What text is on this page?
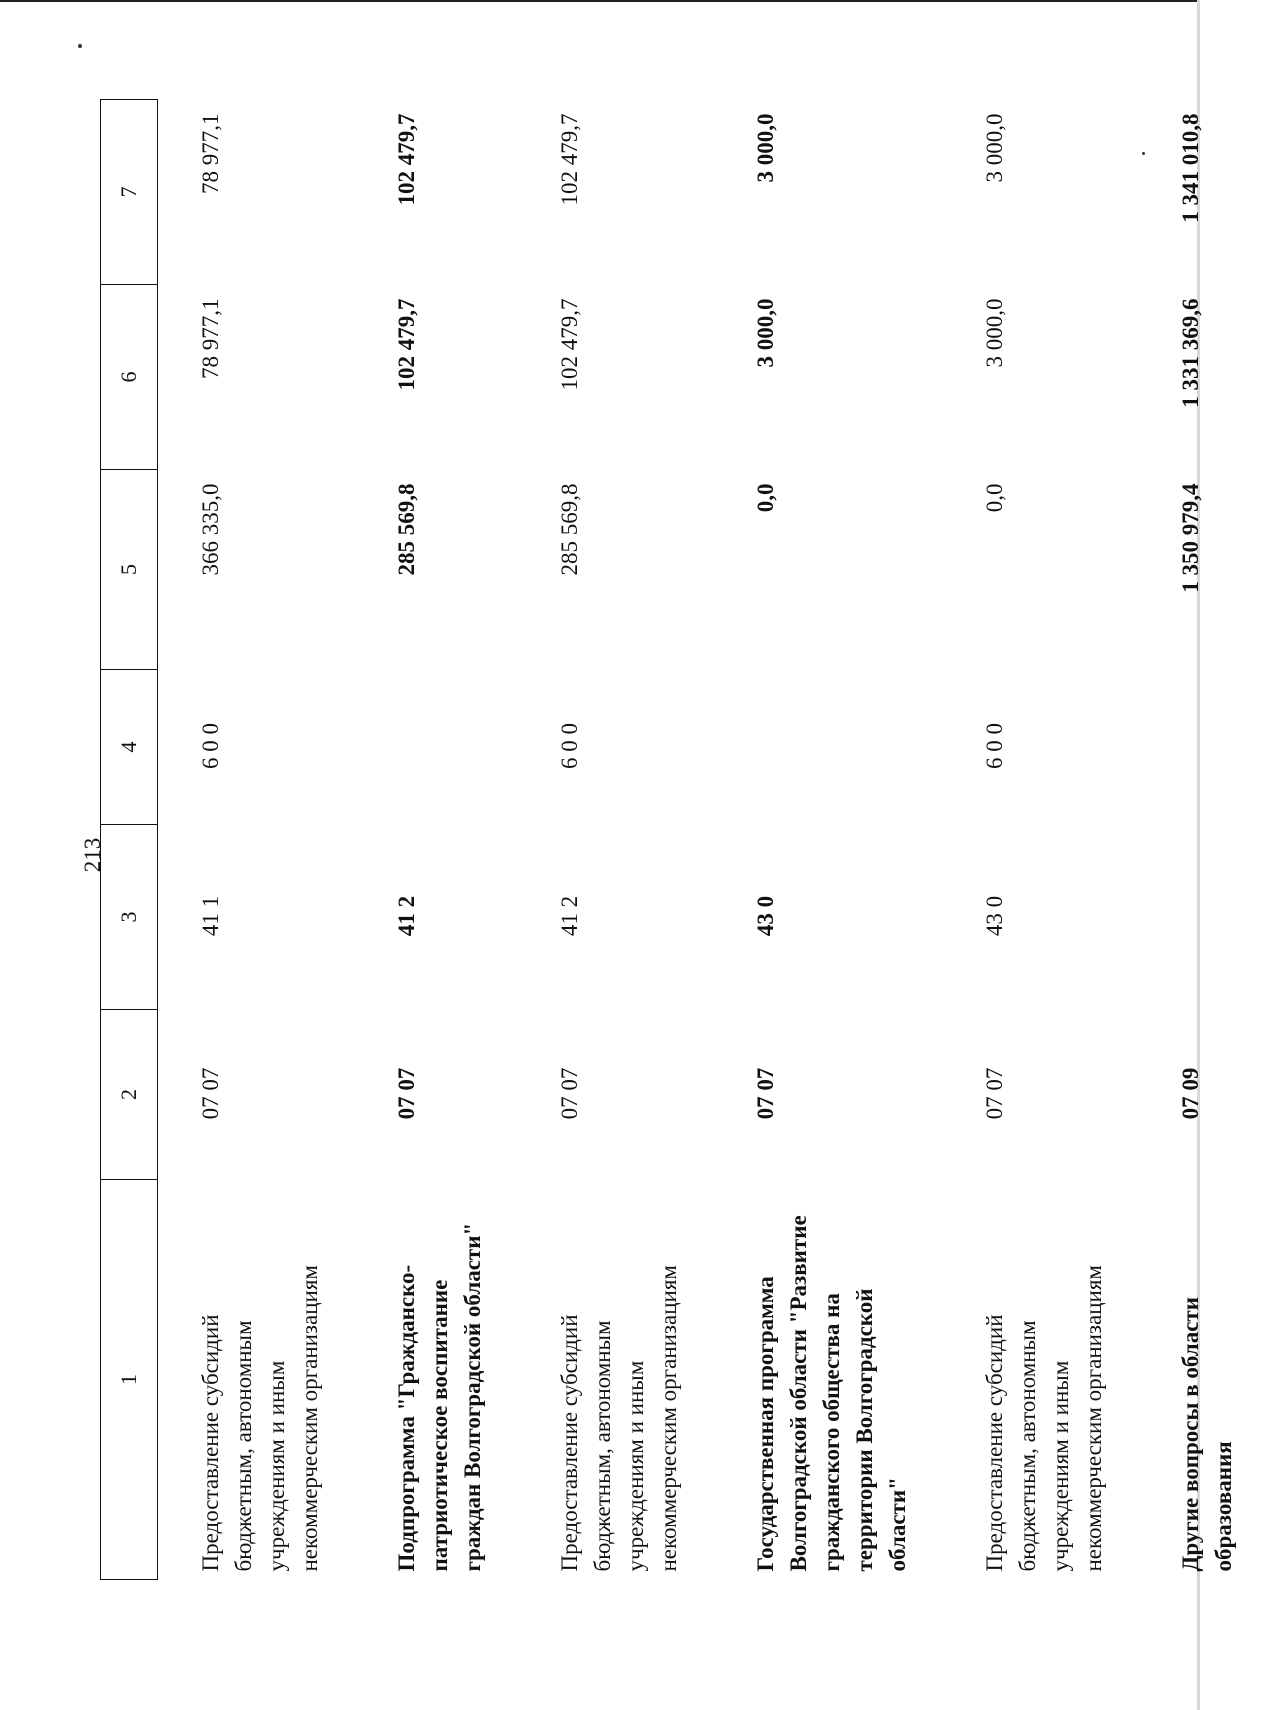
213
1	2	3	4	5	6	7
Предоставление субсидий бюджетным, автономным учреждениям и иным некоммерческим организациям	07 07	41 1	6 0 0	366 335,0	78 977,1	78 977,1
Подпрограмма "Гражданско-патриотическое воспитание граждан Волгоградской области"	07 07	41 2		285 569,8	102 479,7	102 479,7
Предоставление субсидий бюджетным, автономным учреждениям и иным некоммерческим организациям	07 07	41 2	6 0 0	285 569,8	102 479,7	102 479,7
Государственная программа Волгоградской области "Развитие гражданского общества на территории Волгоградской области"	07 07	43 0		0,0	3 000,0	3 000,0
Предоставление субсидий бюджетным, автономным учреждениям и иным некоммерческим организациям	07 07	43 0	6 0 0	0,0	3 000,0	3 000,0
Другие вопросы в области образования	07 09			1 350 979,4	1 331 369,6	1 341 010,8
